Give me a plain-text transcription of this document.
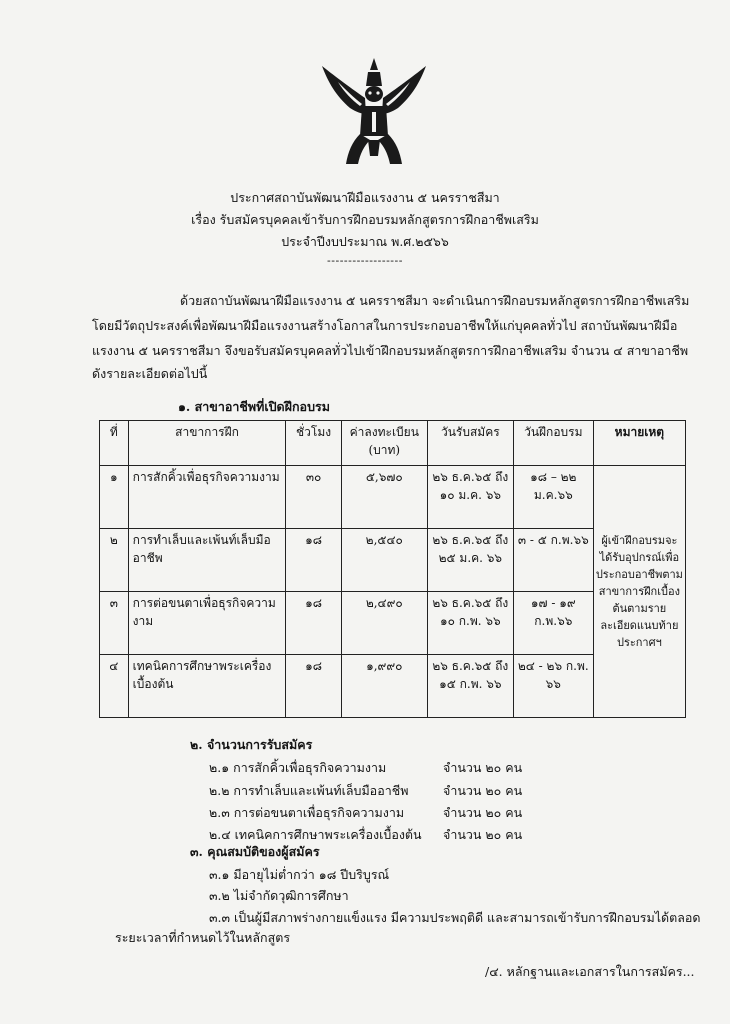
ประกาศสถาบันพัฒนาฝีมือแรงงาน ๕ นครราชสีมา
เรื่อง รับสมัครบุคคลเข้ารับการฝึกอบรมหลักสูตรการฝึกอาชีพเสริม
ประจำปีงบประมาณ พ.ศ.๒๕๖๖
------------------
ด้วยสถาบันพัฒนาฝีมือแรงงาน ๕ นครราชสีมา จะดำเนินการฝึกอบรมหลักสูตรการฝึกอาชีพเสริม
โดยมีวัตถุประสงค์เพื่อพัฒนาฝีมือแรงงานสร้างโอกาสในการประกอบอาชีพให้แก่บุคคลทั่วไป สถาบันพัฒนาฝีมือ
แรงงาน ๕ นครราชสีมา จึงขอรับสมัครบุคคลทั่วไปเข้าฝึกอบรมหลักสูตรการฝึกอาชีพเสริม จำนวน ๔ สาขาอาชีพ
ดังรายละเอียดต่อไปนี้
๑. สาขาอาชีพที่เปิดฝึกอบรม
ที่	สาขาการฝึก	ชั่วโมง	ค่าลงทะเบียน (บาท)	วันรับสมัคร	วันฝึกอบรม	หมายเหตุ
๑	การสักคิ้วเพื่อธุรกิจความงาม	๓๐	๕,๖๗๐	๒๖ ธ.ค.๖๕ ถึง ๑๐ ม.ค. ๖๖	๑๘ – ๒๒ ม.ค.๖๖	ผู้เข้าฝึกอบรมจะได้รับอุปกรณ์เพื่อประกอบอาชีพตามสาขาการฝึกเบื้องต้นตามรายละเอียดแนบท้ายประกาศฯ
๒	การทำเล็บและเพ้นท์เล็บมืออาชีพ	๑๘	๒,๕๔๐	๒๖ ธ.ค.๖๕ ถึง ๒๕ ม.ค. ๖๖	๓ - ๕ ก.พ.๖๖	
๓	การต่อขนตาเพื่อธุรกิจความงาม	๑๘	๒,๔๙๐	๒๖ ธ.ค.๖๕ ถึง ๑๐ ก.พ. ๖๖	๑๗ - ๑๙ ก.พ.๖๖	
๔	เทคนิคการศึกษาพระเครื่องเบื้องต้น	๑๘	๑,๙๙๐	๒๖ ธ.ค.๖๕ ถึง ๑๕ ก.พ. ๖๖	๒๔ - ๒๖ ก.พ. ๖๖	
๒. จำนวนการรับสมัคร
๒.๑ การสักคิ้วเพื่อธุรกิจความงาม	จำนวน ๒๐ คน
๒.๒ การทำเล็บและเพ้นท์เล็บมืออาชีพ	จำนวน ๒๐ คน
๒.๓ การต่อขนตาเพื่อธุรกิจความงาม	จำนวน ๒๐ คน
๒.๔ เทคนิคการศึกษาพระเครื่องเบื้องต้น จำนวน ๒๐ คน
๓. คุณสมบัติของผู้สมัคร
๓.๑ มีอายุไม่ต่ำกว่า ๑๘ ปีบริบูรณ์
๓.๒ ไม่จำกัดวุฒิการศึกษา
๓.๓ เป็นผู้มีสภาพร่างกายแข็งแรง มีความประพฤติดี และสามารถเข้ารับการฝึกอบรมได้ตลอด
ระยะเวลาที่กำหนดไว้ในหลักสูตร
/๔. หลักฐานและเอกสารในการสมัคร...
